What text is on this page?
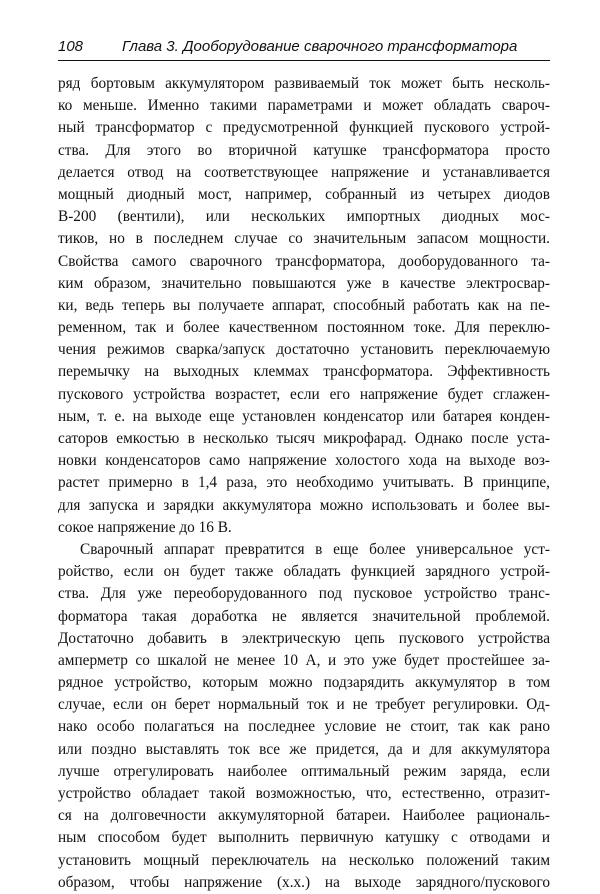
108	Глава 3. Дооборудование сварочного трансформатора
ряд бортовым аккумулятором развиваемый ток может быть несколь-
ко меньше. Именно такими параметрами и может обладать свароч-
ный трансформатор с предусмотренной функцией пускового устрой-
ства. Для этого во вторичной катушке трансформатора просто
делается отвод на соответствующее напряжение и устанавливается
мощный диодный мост, например, собранный из четырех диодов
В-200 (вентили), или нескольких импортных диодных мос-
тиков, но в последнем случае со значительным запасом мощности.
Свойства самого сварочного трансформатора, дооборудованного та-
ким образом, значительно повышаются уже в качестве электросвар-
ки, ведь теперь вы получаете аппарат, способный работать как на пе-
ременном, так и более качественном постоянном токе. Для переклю-
чения режимов сварка/запуск достаточно установить переключаемую
перемычку на выходных клеммах трансформатора. Эффективность
пускового устройства возрастет, если его напряжение будет сглажен-
ным, т. е. на выходе еще установлен конденсатор или батарея конден-
саторов емкостью в несколько тысяч микрофарад. Однако после уста-
новки конденсаторов само напряжение холостого хода на выходе воз-
растет примерно в 1,4 раза, это необходимо учитывать. В принципе,
для запуска и зарядки аккумулятора можно использовать и более вы-
сокое напряжение до 16 В.
Сварочный аппарат превратится в еще более универсальное уст-
ройство, если он будет также обладать функцией зарядного устрой-
ства. Для уже переоборудованного под пусковое устройство транс-
форматора такая доработка не является значительной проблемой.
Достаточно добавить в электрическую цепь пускового устройства
амперметр со шкалой не менее 10 А, и это уже будет простейшее за-
рядное устройство, которым можно подзарядить аккумулятор в том
случае, если он берет нормальный ток и не требует регулировки. Од-
нако особо полагаться на последнее условие не стоит, так как рано
или поздно выставлять ток все же придется, да и для аккумулятора
лучше отрегулировать наиболее оптимальный режим заряда, если
устройство обладает такой возможностью, что, естественно, отразит-
ся на долговечности аккумуляторной батареи. Наиболее рациональ-
ным способом будет выполнить первичную катушку с отводами и
установить мощный переключатель на несколько положений таким
образом, чтобы напряжение (х.х.) на выходе зарядного/пускового
